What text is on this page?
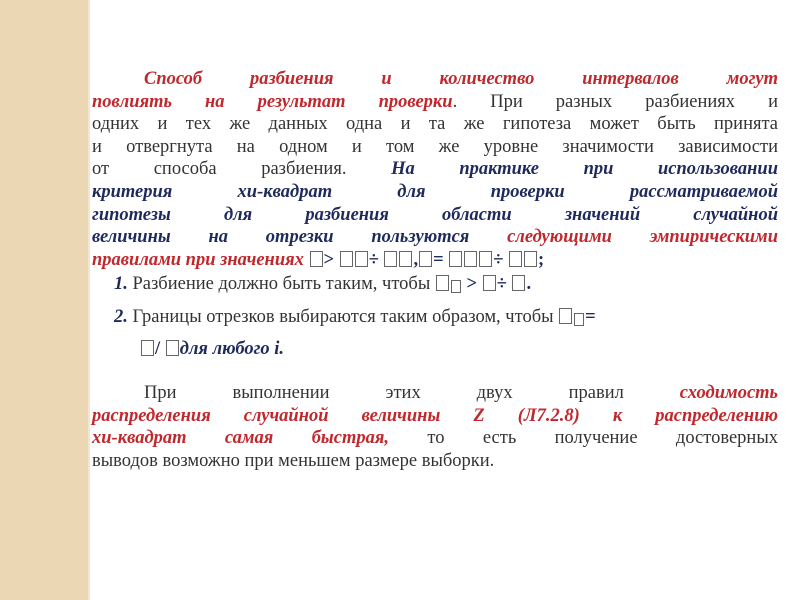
Способ разбиения и количество интервалов могут

повлиять на результат проверки. При разных разбиениях и

одних и тех же данных одна и та же гипотеза может быть принята

и отвергнута на одном и том же уровне значимости зависимости

от способа разбиения. На практике при использовании

критерия хи-квадрат для проверки рассматриваемой

гипотезы для разбиения области значений случайной

величины на отрезки пользуются следующими эмпирическими

правилами при значениях > ÷ , =	÷ ;

1. Разбиение должно быть таким, чтобы > ÷ .

2. Границы отрезков выбираются таким образом, чтобы =

/ для любого i.

При выполнении этих двух правил	сходимость

распределения случайной величины Z (Л7.2.8) к распределению

хи-квадрат самая быстрая, то есть получение достоверных

выводов возможно при меньшем размере выборки.
